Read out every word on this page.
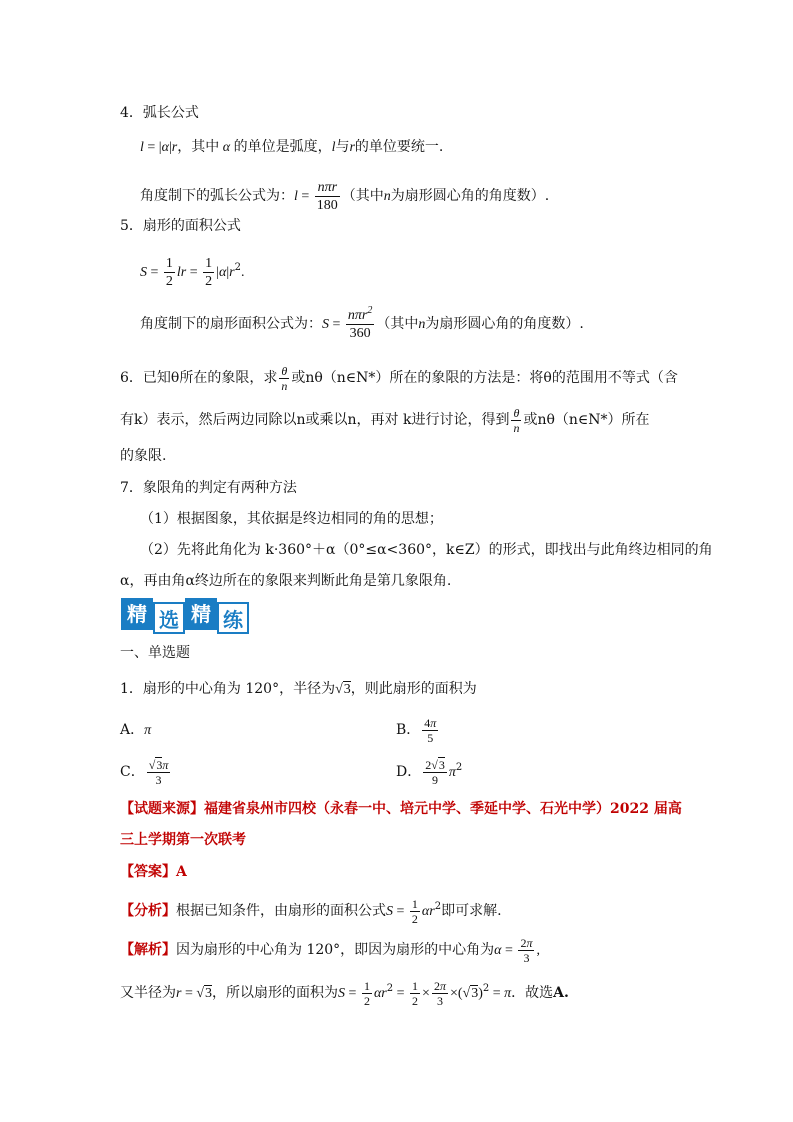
4．弧长公式
l = |α|r，其中 α 的单位是弧度，l与r的单位要统一.
角度制下的弧长公式为：$l = \frac{\text{nπr}}{180}$ （其中n为扇形圆心角的角度数）.
5．扇形的面积公式
$S = \frac{1}{2}$ lr = $\frac{1}{2} |\alpha|r^2$.
角度制下的扇形面积公式为：$S = \frac{n\pi r^2}{360}$ （其中n为扇形圆心角的角度数）.
6．已知θ所在的象限，求 $\frac{\theta}{n}$ 或nθ（n∈N*）所在的象限的方法是：将θ的范围用不等式（含
有k）表示，然后两边同除以n或乘以n，再对 k进行讨论，得到 $\frac{\theta}{n}$ 或nθ（n∈N*）所在
的象限.
7．象限角的判定有两种方法
（1）根据图象，其依据是终边相同的角的思想；
（2）先将此角化为 k·360°＋α（0°≤α<360°，k∈Z）的形式，即找出与此角终边相同的角
α，再由角α终边所在的象限来判断此角是第几象限角.
精 选 精 练
一、单选题
1．扇形的中心角为 120°，半径为√3，则此扇形的面积为
A．π	B． $\frac{4\pi}{5}$
C． $\frac{√3\pi}{3}$	D． $\frac{2√3}{9} \pi^2$
【试题来源】福建省泉州市四校（永春一中、培元中学、季延中学、石光中学）2022 届高
三上学期第一次联考
【答案】A
【分析】根据已知条件，由扇形的面积公式$S = \frac{1}{2} \alpha r^2$即可求解.
【解析】因为扇形的中心角为 120°，即因为扇形的中心角为$\alpha = \frac{2\pi}{3}$ ,
又半径为r = √3，所以扇形的面积为$S = \frac{1}{2} \alpha r^2 = \frac{1}{2} \times \frac{2\pi}{3} \times(√3)^2 = \pi$．故选A.
